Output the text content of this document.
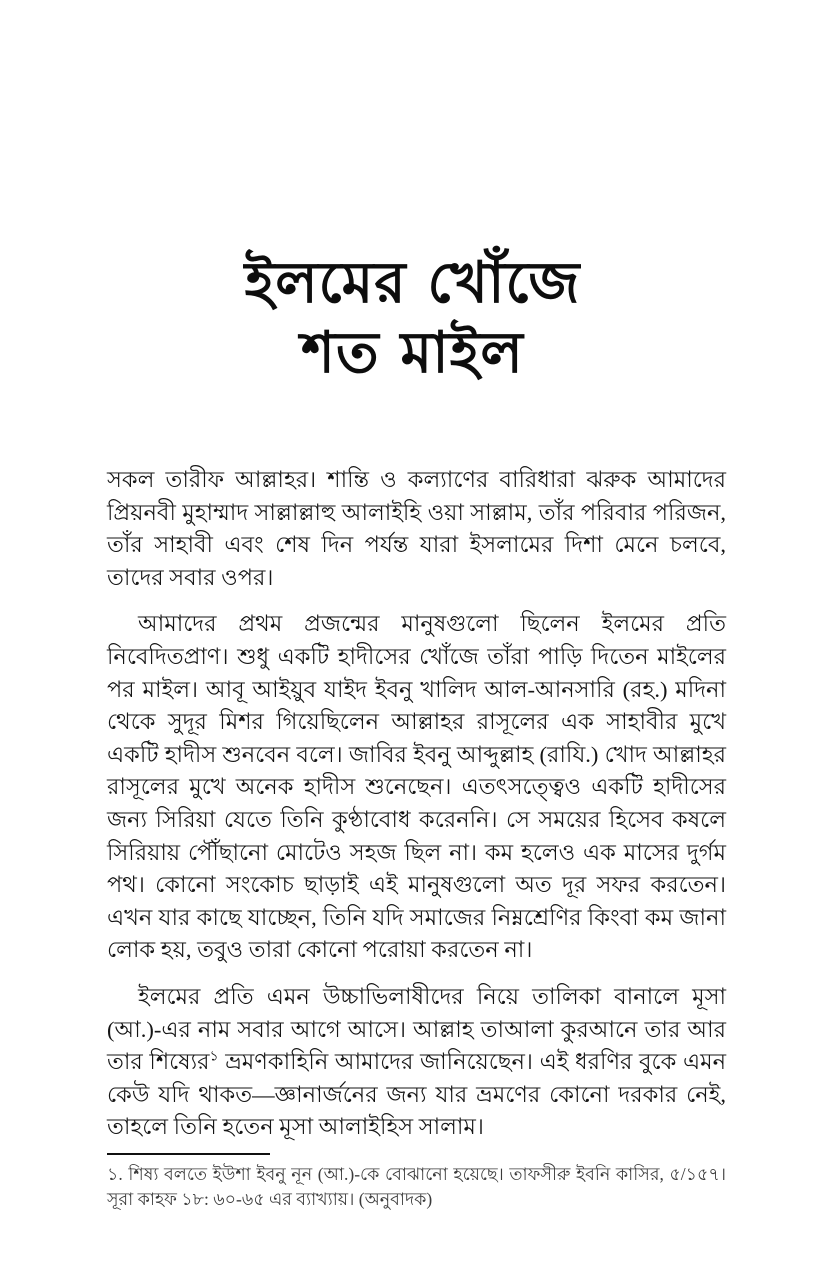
ইলমের খোঁজে
শত মাইল

সকল তারীফ আল্লাহর। শান্তি ও কল্যাণের বারিধারা ঝরুক আমাদের প্রিয়নবী মুহাম্মাদ সাল্লাল্লাহু আলাইহি ওয়া সাল্লাম, তাঁর পরিবার পরিজন, তাঁর সাহাবী এবং শেষ দিন পর্যন্ত যারা ইসলামের দিশা মেনে চলবে, তাদের সবার ওপর।

আমাদের প্রথম প্রজন্মের মানুষগুলো ছিলেন ইলমের প্রতি নিবেদিতপ্রাণ। শুধু একটি হাদীসের খোঁজে তাঁরা পাড়ি দিতেন মাইলের পর মাইল। আবূ আইয়ুব যাইদ ইবনু খালিদ আল-আনসারি (রহ.) মদিনা থেকে সুদূর মিশর গিয়েছিলেন আল্লাহর রাসূলের এক সাহাবীর মুখে একটি হাদীস শুনবেন বলে। জাবির ইবনু আব্দুল্লাহ (রাযি.) খোদ আল্লাহর রাসূলের মুখে অনেক হাদীস শুনেছেন। এতৎসত্ত্বেও একটি হাদীসের জন্য সিরিয়া যেতে তিনি কুণ্ঠাবোধ করেননি। সে সময়ের হিসেব কষলে সিরিয়ায় পৌঁছানো মোটেও সহজ ছিল না। কম হলেও এক মাসের দুর্গম পথ। কোনো সংকোচ ছাড়াই এই মানুষগুলো অত দূর সফর করতেন। এখন যার কাছে যাচ্ছেন, তিনি যদি সমাজের নিম্নশ্রেণির কিংবা কম জানা লোক হয়, তবুও তারা কোনো পরোয়া করতেন না।

ইলমের প্রতি এমন উচ্চাভিলাষীদের নিয়ে তালিকা বানালে মূসা (আ.)-এর নাম সবার আগে আসে। আল্লাহ তাআলা কুরআনে তার আর তার শিষ্যের$^১$ ভ্রমণকাহিনি আমাদের জানিয়েছেন। এই ধরণির বুকে এমন কেউ যদি থাকত—জ্ঞানার্জনের জন্য যার ভ্রমণের কোনো দরকার নেই, তাহলে তিনি হতেন মূসা আলাইহিস সালাম।

১. শিষ্য বলতে ইউশা ইবনু নূন (আ.)-কে বোঝানো হয়েছে। তাফসীরু ইবনি কাসির, ৫/১৫৭। সূরা কাহফ ১৮: ৬০-৬৫ এর ব্যাখ্যায়। (অনুবাদক)
